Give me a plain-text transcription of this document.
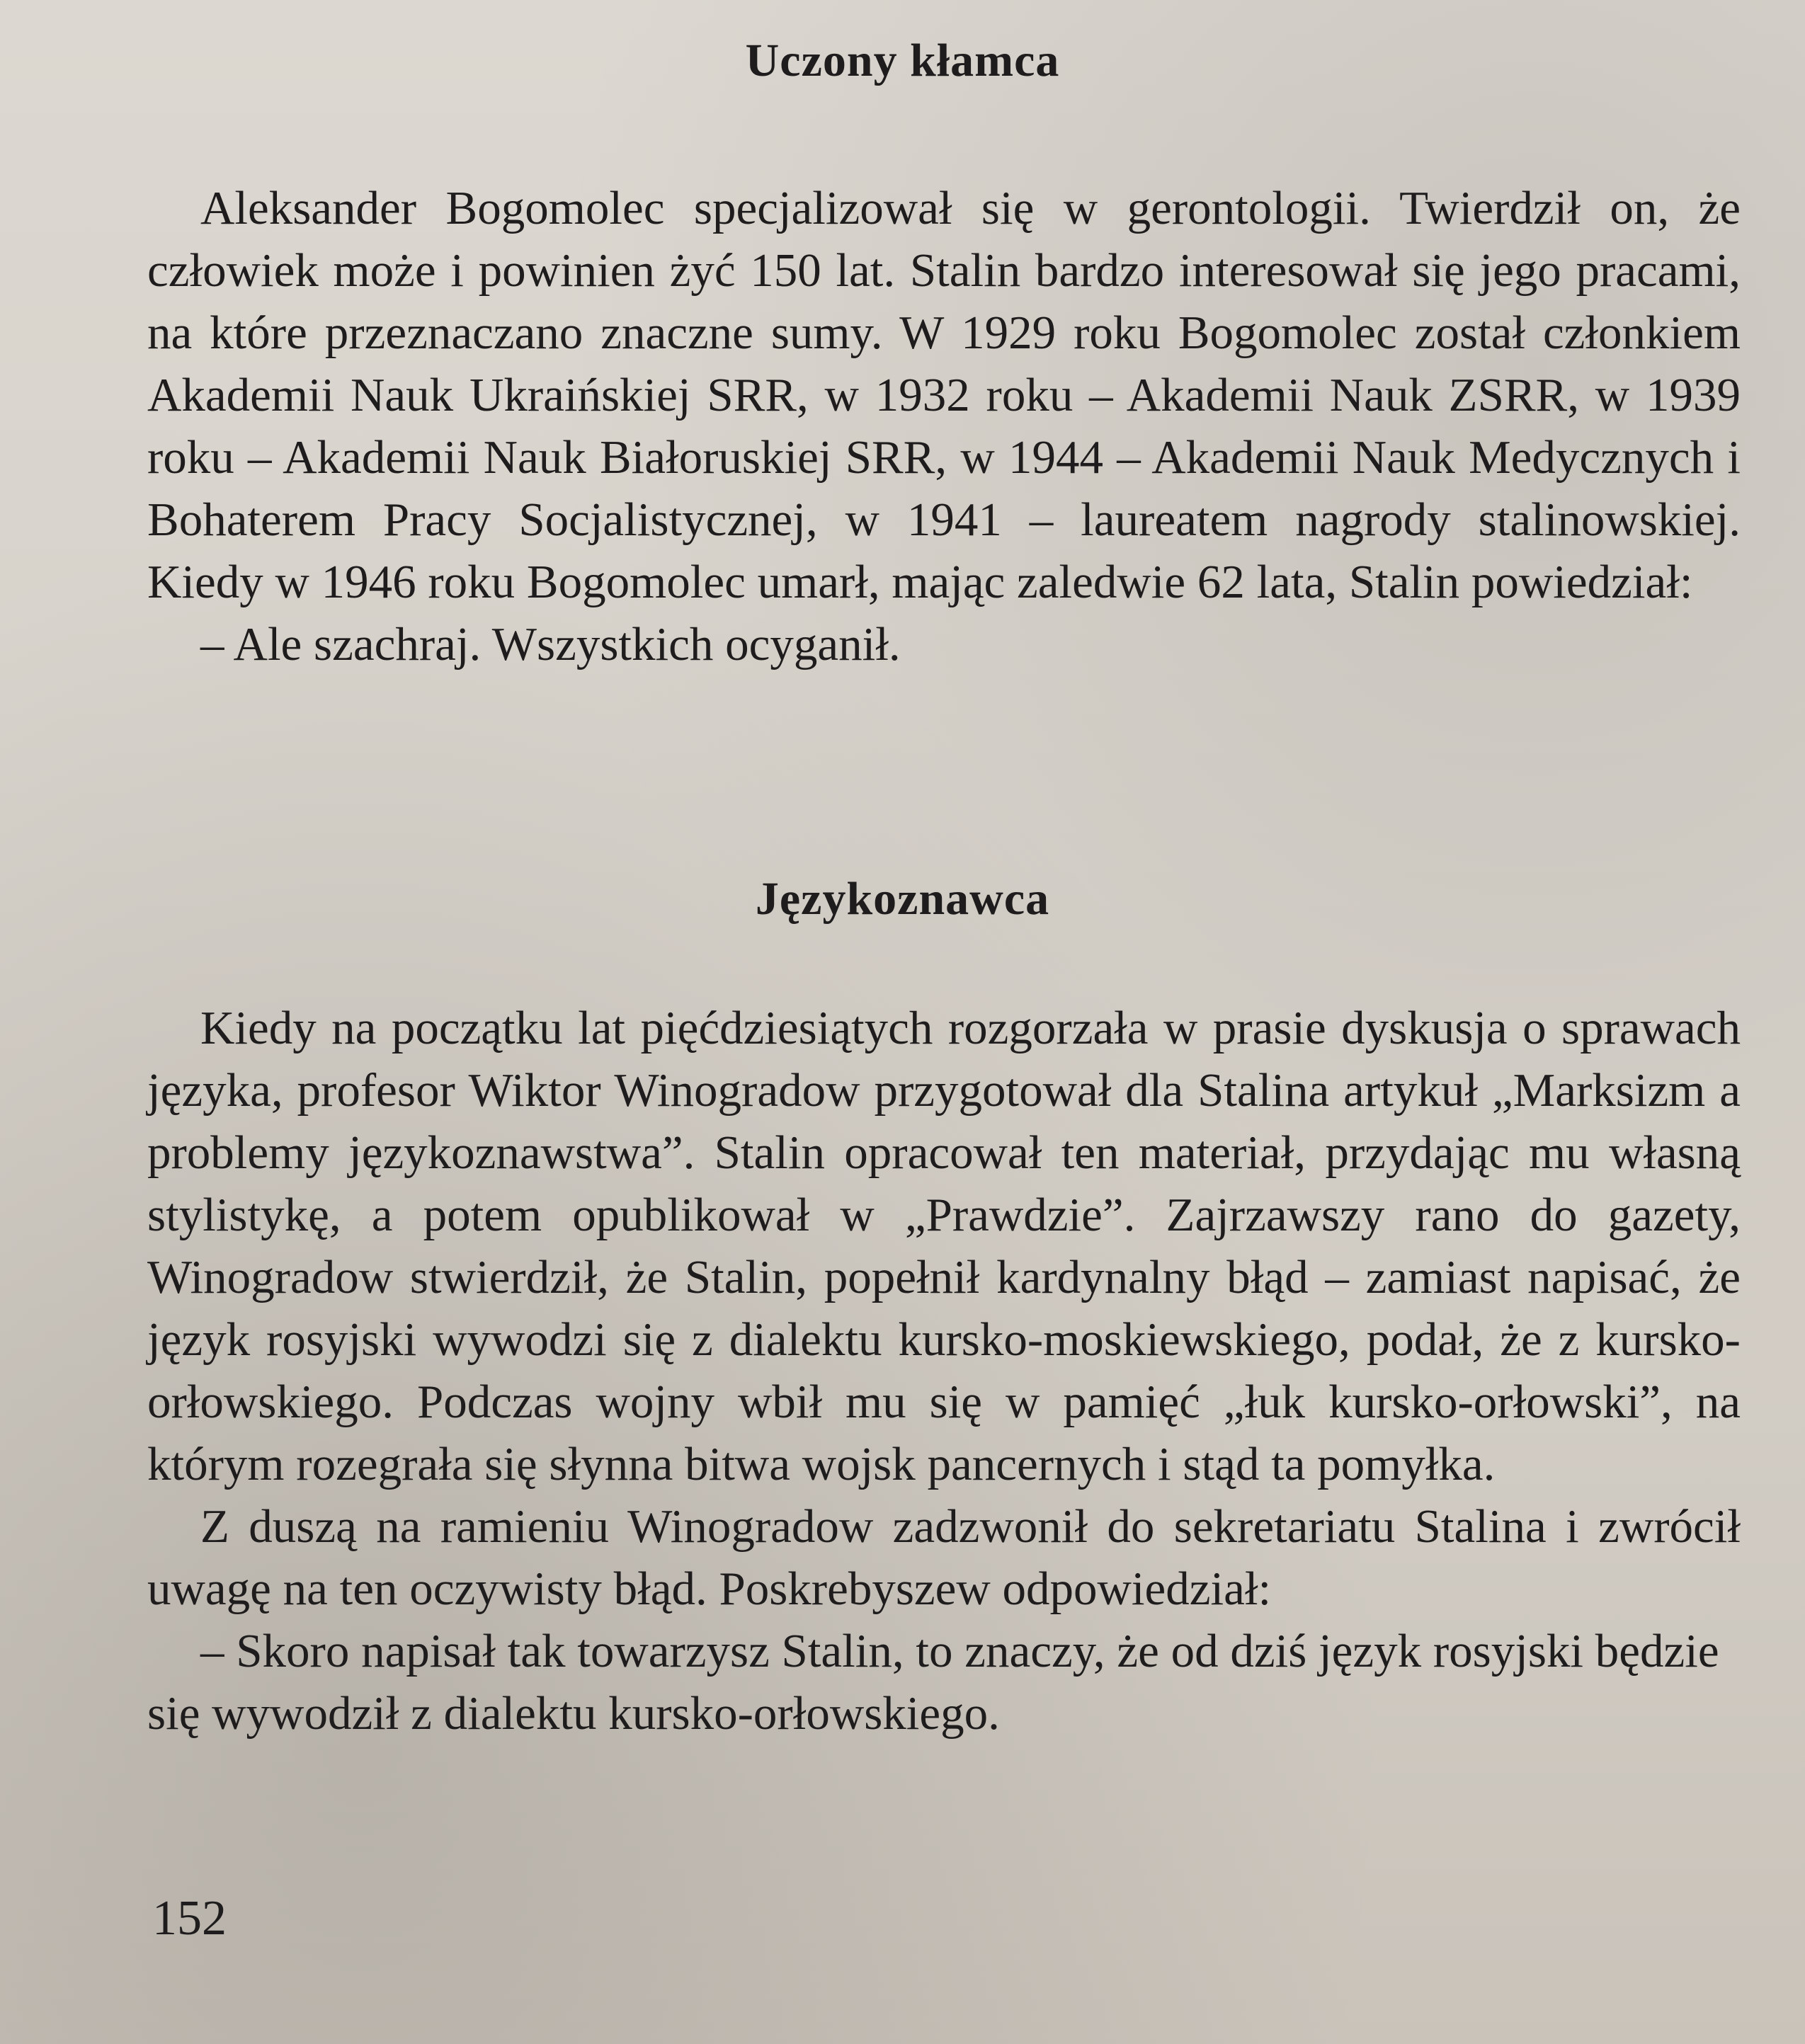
Uczony kłamca

Aleksander Bogomolec specjalizował się w gerontologii. Twierdził on, że człowiek może i powinien żyć 150 lat. Stalin bardzo interesował się jego pracami, na które przeznaczano znaczne sumy. W 1929 roku Bogomolec został członkiem Akademii Nauk Ukraińskiej SRR, w 1932 roku – Akademii Nauk ZSRR, w 1939 roku – Akademii Nauk Białoruskiej SRR, w 1944 – Akademii Nauk Medycznych i Bohaterem Pracy Socjalistycznej, w 1941 – laureatem nagrody stalinowskiej. Kiedy w 1946 roku Bogomolec umarł, mając zaledwie 62 lata, Stalin powiedział:

– Ale szachraj. Wszystkich ocyganił.

Językoznawca

Kiedy na początku lat pięćdziesiątych rozgorzała w prasie dyskusja o sprawach języka, profesor Wiktor Winogradow przygotował dla Stalina artykuł „Marksizm a problemy językoznawstwa”. Stalin opracował ten materiał, przydając mu własną stylistykę, a potem opublikował w „Prawdzie”. Zajrzawszy rano do gazety, Winogradow stwierdził, że Stalin, popełnił kardynalny błąd – zamiast napisać, że język rosyjski wywodzi się z dialektu kursko-moskiewskiego, podał, że z kursko-orłowskiego. Podczas wojny wbił mu się w pamięć „łuk kursko-orłowski”, na którym rozegrała się słynna bitwa wojsk pancernych i stąd ta pomyłka.

Z duszą na ramieniu Winogradow zadzwonił do sekretariatu Stalina i zwrócił uwagę na ten oczywisty błąd. Poskrebyszew odpowiedział:

– Skoro napisał tak towarzysz Stalin, to znaczy, że od dziś język rosyjski będzie się wywodził z dialektu kursko-orłowskiego.

152
